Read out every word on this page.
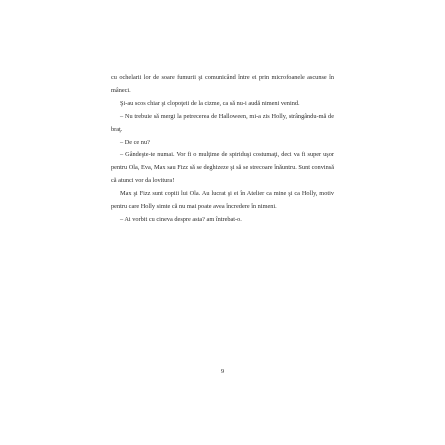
cu ochelarii lor de soare fumurii şi comunicând între ei prin microfoanele ascunse în mâneci.

Şi-au scos chiar şi clopoţeii de la cizme, ca să nu-i audă nimeni venind.

– Nu trebuie să mergi la petrecerea de Halloween, mi-a zis Holly, strângându-mă de braţ.

– De ce nu?

– Gândeşte-te numai. Vor fi o mulţime de spiriduşi costumaţi, deci va fi super uşor pentru Ola, Eva, Max sau Fizz să se deghizeze şi să se strecoare înăuntru. Sunt convinsă că atunci vor da lovitura!

Max şi Fizz sunt copiii lui Ola. Au lucrat şi ei în Atelier ca mine şi ca Holly, motiv pentru care Holly simte că nu mai poate avea încredere în nimeni.

– Ai vorbit cu cineva despre asta? am întrebat-o.

9
